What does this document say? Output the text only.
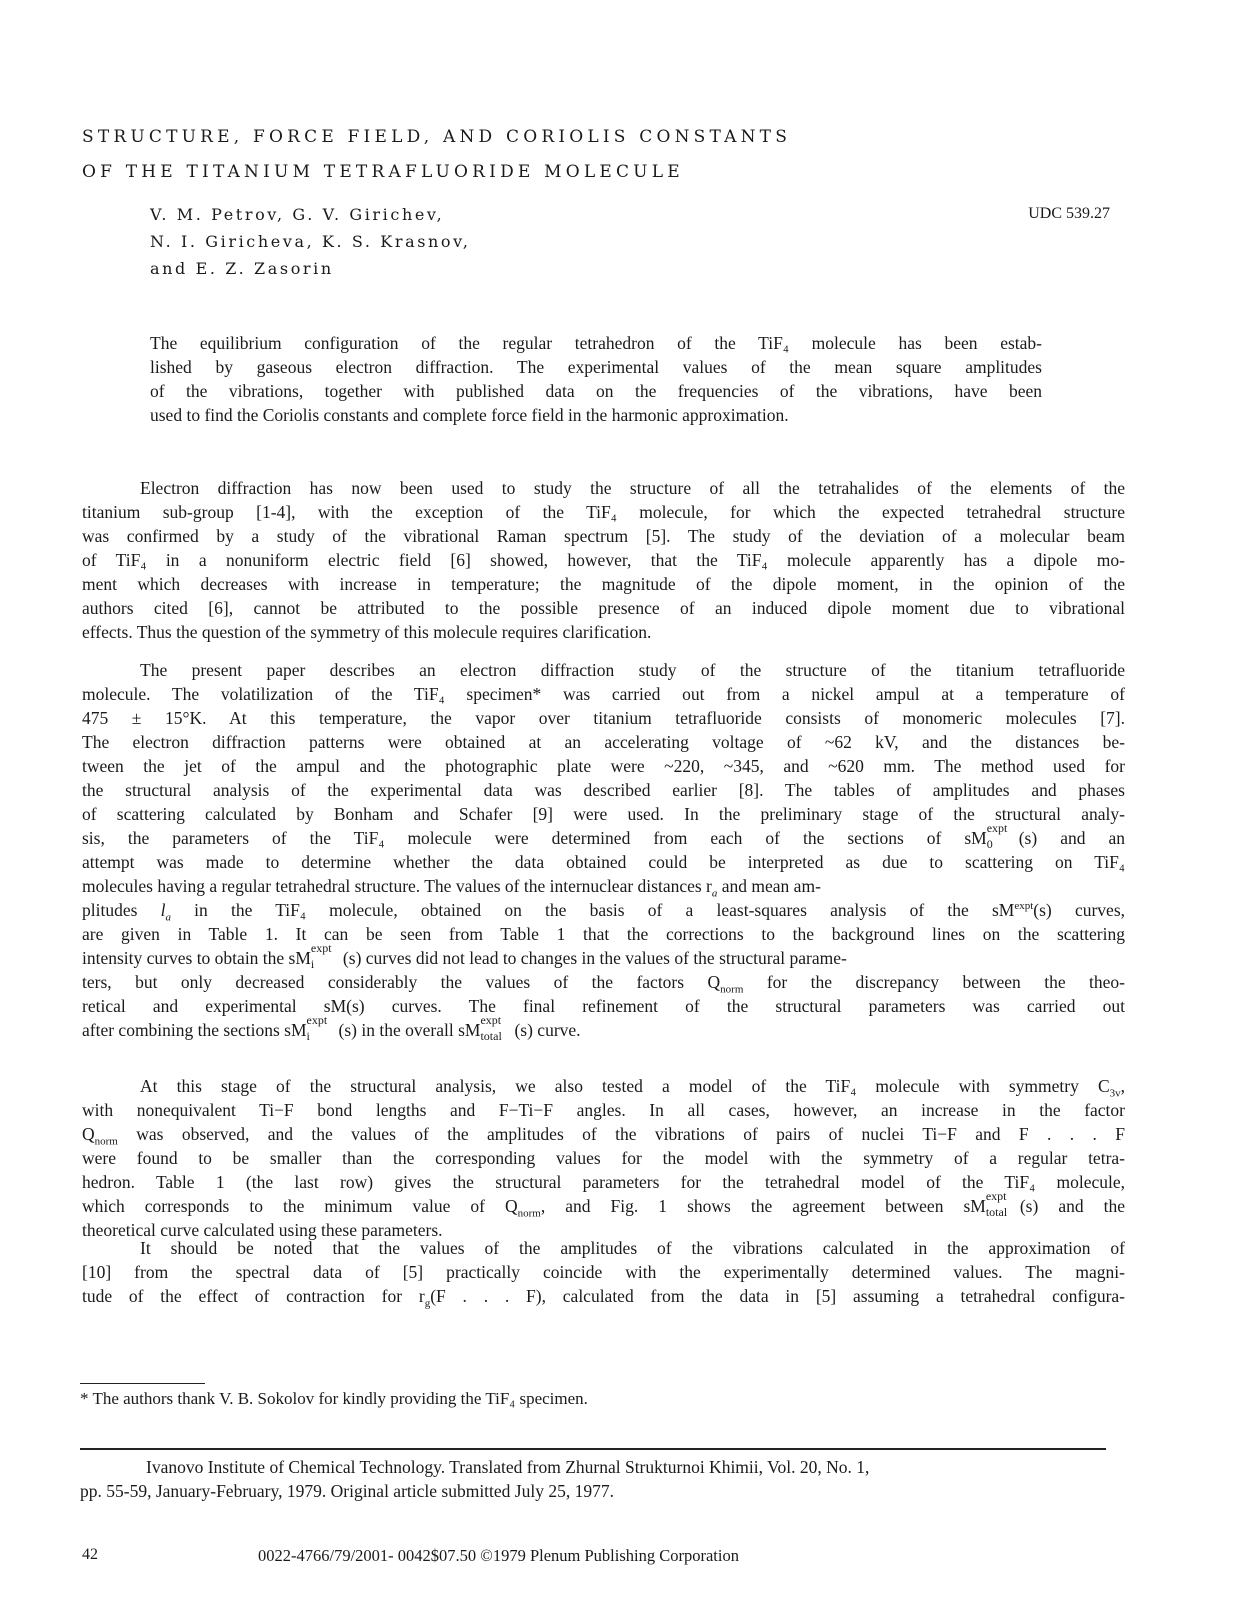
STRUCTURE, FORCE FIELD, AND CORIOLIS CONSTANTS
OF THE TITANIUM TETRAFLUORIDE MOLECULE
V. M. Petrov, G. V. Girichev,
N. I. Giricheva, K. S. Krasnov,
and E. Z. Zasorin
UDC 539.27
The equilibrium configuration of the regular tetrahedron of the TiF₄ molecule has been estab-
lished by gaseous electron diffraction. The experimental values of the mean square amplitudes
of the vibrations, together with published data on the frequencies of the vibrations, have been
used to find the Coriolis constants and complete force field in the harmonic approximation.
Electron diffraction has now been used to study the structure of all the tetrahalides of the elements of the
titanium sub-group [1-4], with the exception of the TiF₄ molecule, for which the expected tetrahedral structure
was confirmed by a study of the vibrational Raman spectrum [5]. The study of the deviation of a molecular beam
of TiF₄ in a nonuniform electric field [6] showed, however, that the TiF₄ molecule apparently has a dipole mo-
ment which decreases with increase in temperature; the magnitude of the dipole moment, in the opinion of the
authors cited [6], cannot be attributed to the possible presence of an induced dipole moment due to vibrational
effects. Thus the question of the symmetry of this molecule requires clarification.
The present paper describes an electron diffraction study of the structure of the titanium tetrafluoride
molecule. The volatilization of the TiF₄ specimen* was carried out from a nickel ampul at a temperature of
475 ± 15°K. At this temperature, the vapor over titanium tetrafluoride consists of monomeric molecules [7].
The electron diffraction patterns were obtained at an accelerating voltage of ~62 kV, and the distances be-
tween the jet of the ampul and the photographic plate were ~220, ~345, and ~620 mm. The method used for
the structural analysis of the experimental data was described earlier [8]. The tables of amplitudes and phases
of scattering calculated by Bonham and Schafer [9] were used. In the preliminary stage of the structural analy-
sis, the parameters of the TiF₄ molecule were determined from each of the sections of sM expt
0 (s) and an
attempt was made to determine whether the data obtained could be interpreted as due to scattering on TiF₄
molecules having a regular tetrahedral structure. The values of the internuclear distances $r_a$ and mean am-
plitudes $l_a$ in the TiF₄ molecule, obtained on the basis of a least-squares analysis of the $sM^{expt}(s)$ curves,
are given in Table 1. It can be seen from Table 1 that the corrections to the background lines on the scattering
intensity curves to obtain the sM expt
i (s) curves did not lead to changes in the values of the structural parame-
ters, but only decreased considerably the values of the factors $Q_{norm}$ for the discrepancy between the theo-
retical and experimental sM(s) curves. The final refinement of the structural parameters was carried out
after combining the sections sM expt
i (s) in the overall sM expt
total (s) curve.
At this stage of the structural analysis, we also tested a model of the TiF₄ molecule with symmetry $C_{3v}$,
with nonequivalent Ti−F bond lengths and F−Ti−F angles. In all cases, however, an increase in the factor
$Q_{norm}$ was observed, and the values of the amplitudes of the vibrations of pairs of nuclei Ti−F and F . . . F
were found to be smaller than the corresponding values for the model with the symmetry of a regular tetra-
hedron. Table 1 (the last row) gives the structural parameters for the tetrahedral model of the TiF₄ molecule,
which corresponds to the minimum value of $Q_{norm}$, and Fig. 1 shows the agreement between sM expt
total (s) and the
theoretical curve calculated using these parameters.
It should be noted that the values of the amplitudes of the vibrations calculated in the approximation of
[10] from the spectral data of [5] practically coincide with the experimentally determined values. The magni-
tude of the effect of contraction for $r_g(F$ . . . F), calculated from the data in [5] assuming a tetrahedral configura-
* The authors thank V. B. Sokolov for kindly providing the TiF₄ specimen.
Ivanovo Institute of Chemical Technology. Translated from Zhurnal Strukturnoi Khimii, Vol. 20, No. 1,
pp. 55-59, January-February, 1979. Original article submitted July 25, 1977.
42	0022-4766/79/2001- 0042$07.50 ©1979 Plenum Publishing Corporation
